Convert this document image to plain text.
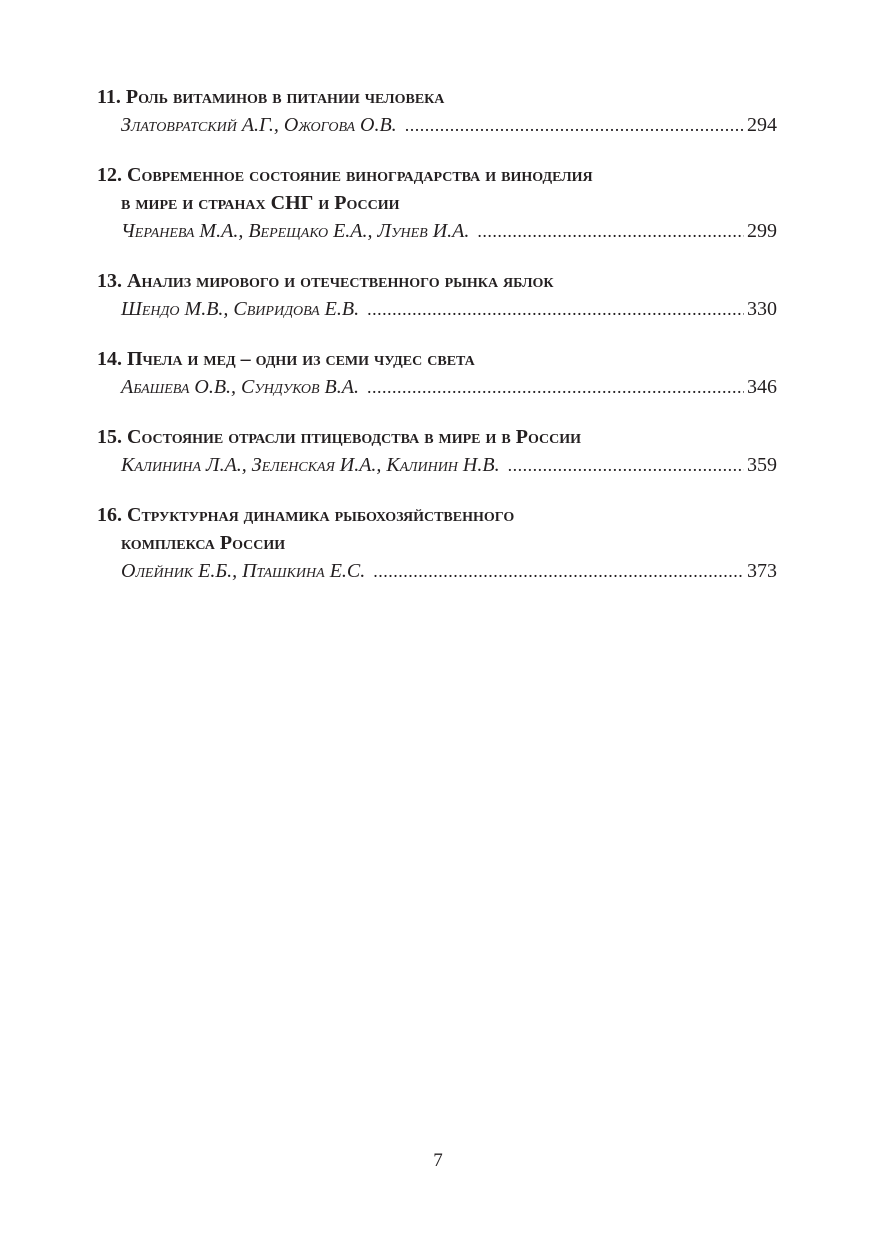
11. Роль витаминов в питании человека
Златовратский А.Г., Ожогова О.В. .....	294
12. Современное состояние виноградарства и виноделия
в мире и странах СНГ и России
Черанева М.А., Верещако Е.А., Лунев И.А. .....	299
13. Анализ мирового и отечественного рынка яблок
Шендо М.В., Свиридова Е.В. .....	330
14. Пчела и мед – одни из семи чудес света
Абашева О.В., Сундуков В.А. .....	346
15. Состояние отрасли птицеводства в мире и в России
Калинина Л.А., Зеленская И.А., Калинин Н.В. .....	359
16. Структурная динамика рыбохозяйственного
комплекса России
Олейник Е.Б., Пташкина Е.С. .....	373
7
